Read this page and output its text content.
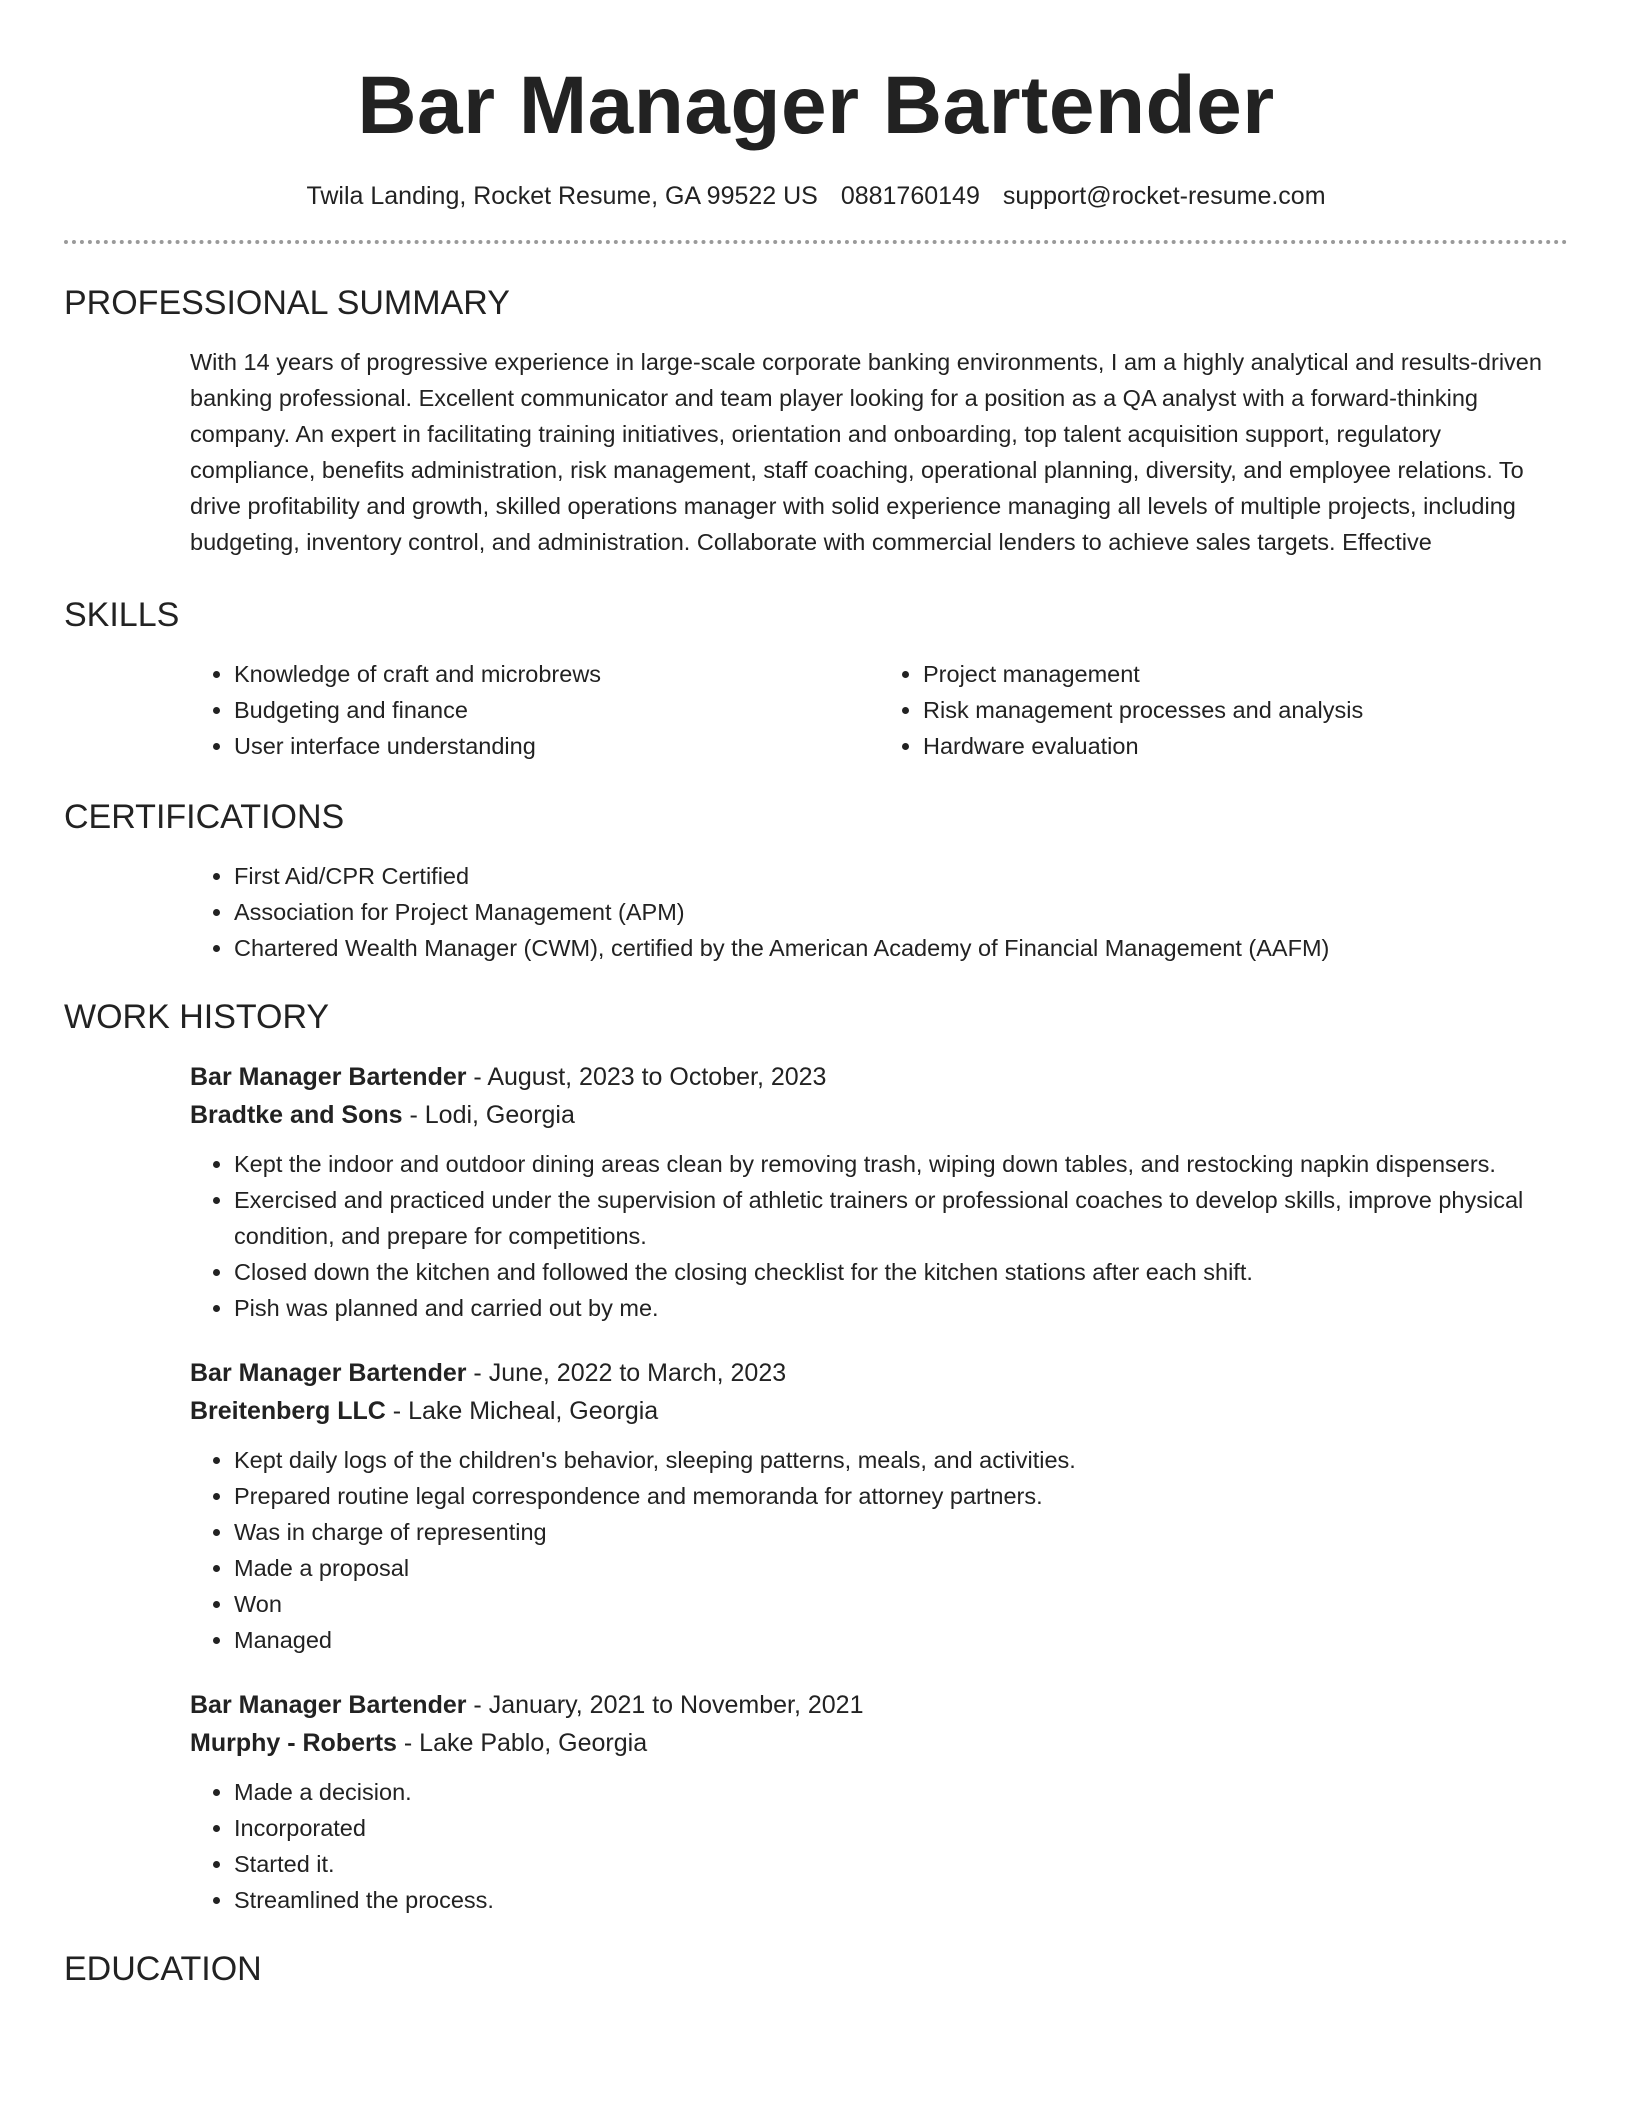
Bar Manager Bartender
Twila Landing, Rocket Resume, GA 99522 US 0881760149 support@rocket-resume.com
PROFESSIONAL SUMMARY

With 14 years of progressive experience in large-scale corporate banking environments, I am a highly analytical and results-driven banking professional. Excellent communicator and team player looking for a position as a QA analyst with a forward-thinking company. An expert in facilitating training initiatives, orientation and onboarding, top talent acquisition support, regulatory compliance, benefits administration, risk management, staff coaching, operational planning, diversity, and employee relations. To drive profitability and growth, skilled operations manager with solid experience managing all levels of multiple projects, including budgeting, inventory control, and administration. Collaborate with commercial lenders to achieve sales targets. Effective

SKILLS
• Knowledge of craft and microbrews
• Budgeting and finance
• User interface understanding
• Project management
• Risk management processes and analysis
• Hardware evaluation
CERTIFICATIONS
• First Aid/CPR Certified
• Association for Project Management (APM)
• Chartered Wealth Manager (CWM), certified by the American Academy of Financial Management (AAFM)
WORK HISTORY
Bar Manager Bartender - August, 2023 to October, 2023
Bradtke and Sons - Lodi, Georgia
• Kept the indoor and outdoor dining areas clean by removing trash, wiping down tables, and restocking napkin dispensers.
• Exercised and practiced under the supervision of athletic trainers or professional coaches to develop skills, improve physical condition, and prepare for competitions.
• Closed down the kitchen and followed the closing checklist for the kitchen stations after each shift.
• Pish was planned and carried out by me.
Bar Manager Bartender - June, 2022 to March, 2023
Breitenberg LLC - Lake Micheal, Georgia
• Kept daily logs of the children's behavior, sleeping patterns, meals, and activities.
• Prepared routine legal correspondence and memoranda for attorney partners.
• Was in charge of representing
• Made a proposal
• Won
• Managed
Bar Manager Bartender - January, 2021 to November, 2021
Murphy - Roberts - Lake Pablo, Georgia
• Made a decision.
• Incorporated
• Started it.
• Streamlined the process.
EDUCATION
